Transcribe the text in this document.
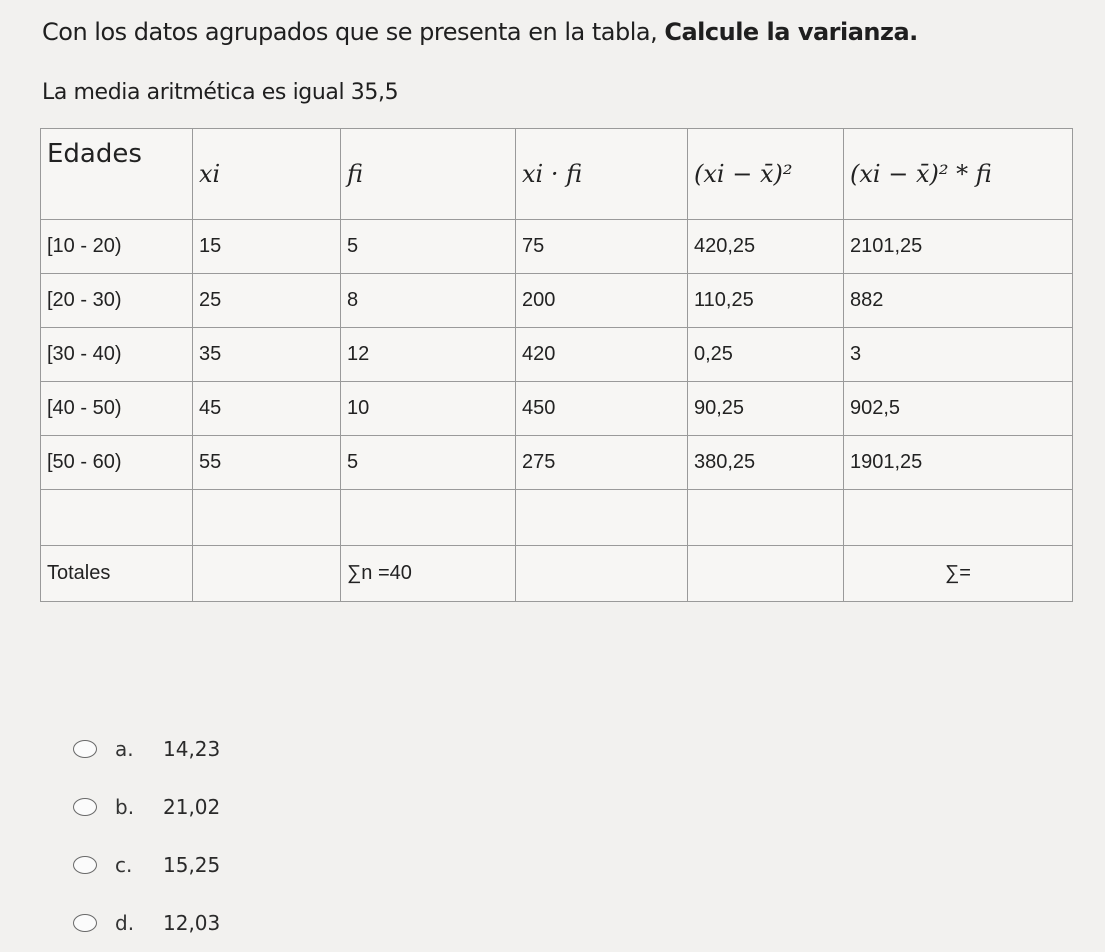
Con los datos agrupados que se presenta en la tabla, Calcule la varianza.
La media aritmética es igual 35,5
Edades	xi	fi	xi · fi	(xi − x̄)²	(xi − x̄)² * fi
[10 - 20)	15	5	75	420,25	2101,25
[20 - 30)	25	8	200	110,25	882
[30 - 40)	35	12	420	0,25	3
[40 - 50)	45	10	450	90,25	902,5
[50 - 60)	55	5	275	380,25	1901,25

Totales		∑n =40			∑=
a.	14,23
b.	21,02
c.	15,25
d.	12,03
